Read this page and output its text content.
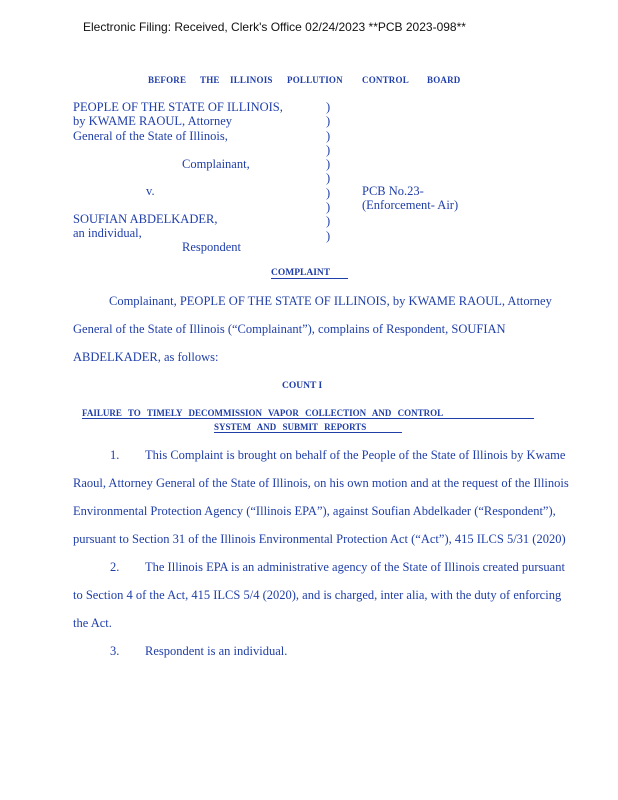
Electronic Filing: Received, Clerk's Office 02/24/2023 **PCB 2023-098**
BEFORE THE ILLINOIS POLLUTION CONTROL BOARD
PEOPLE OF THE STATE OF ILLINOIS,
by KWAME RAOUL, Attorney
General of the State of Illinois,
Complainant,
v.
SOUFIAN ABDELKADER,
an individual,
Respondent
)
)
)
)
)
)
)
)
)
)
PCB No.23-
(Enforcement- Air)
COMPLAINT
Complainant, PEOPLE OF THE STATE OF ILLINOIS, by KWAME RAOUL, Attorney
General of the State of Illinois (“Complainant”), complains of Respondent, SOUFIAN
ABDELKADER, as follows:
COUNT I
FAILURE TO TIMELY DECOMMISSION VAPOR COLLECTION AND CONTROL
SYSTEM AND SUBMIT REPORTS
1. This Complaint is brought on behalf of the People of the State of Illinois by Kwame
Raoul, Attorney General of the State of Illinois, on his own motion and at the request of the Illinois
Environmental Protection Agency (“Illinois EPA”), against Soufian Abdelkader (“Respondent”),
pursuant to Section 31 of the Illinois Environmental Protection Act (“Act”), 415 ILCS 5/31 (2020)
2. The Illinois EPA is an administrative agency of the State of Illinois created pursuant
to Section 4 of the Act, 415 ILCS 5/4 (2020), and is charged, inter alia, with the duty of enforcing
the Act.
3. Respondent is an individual.
